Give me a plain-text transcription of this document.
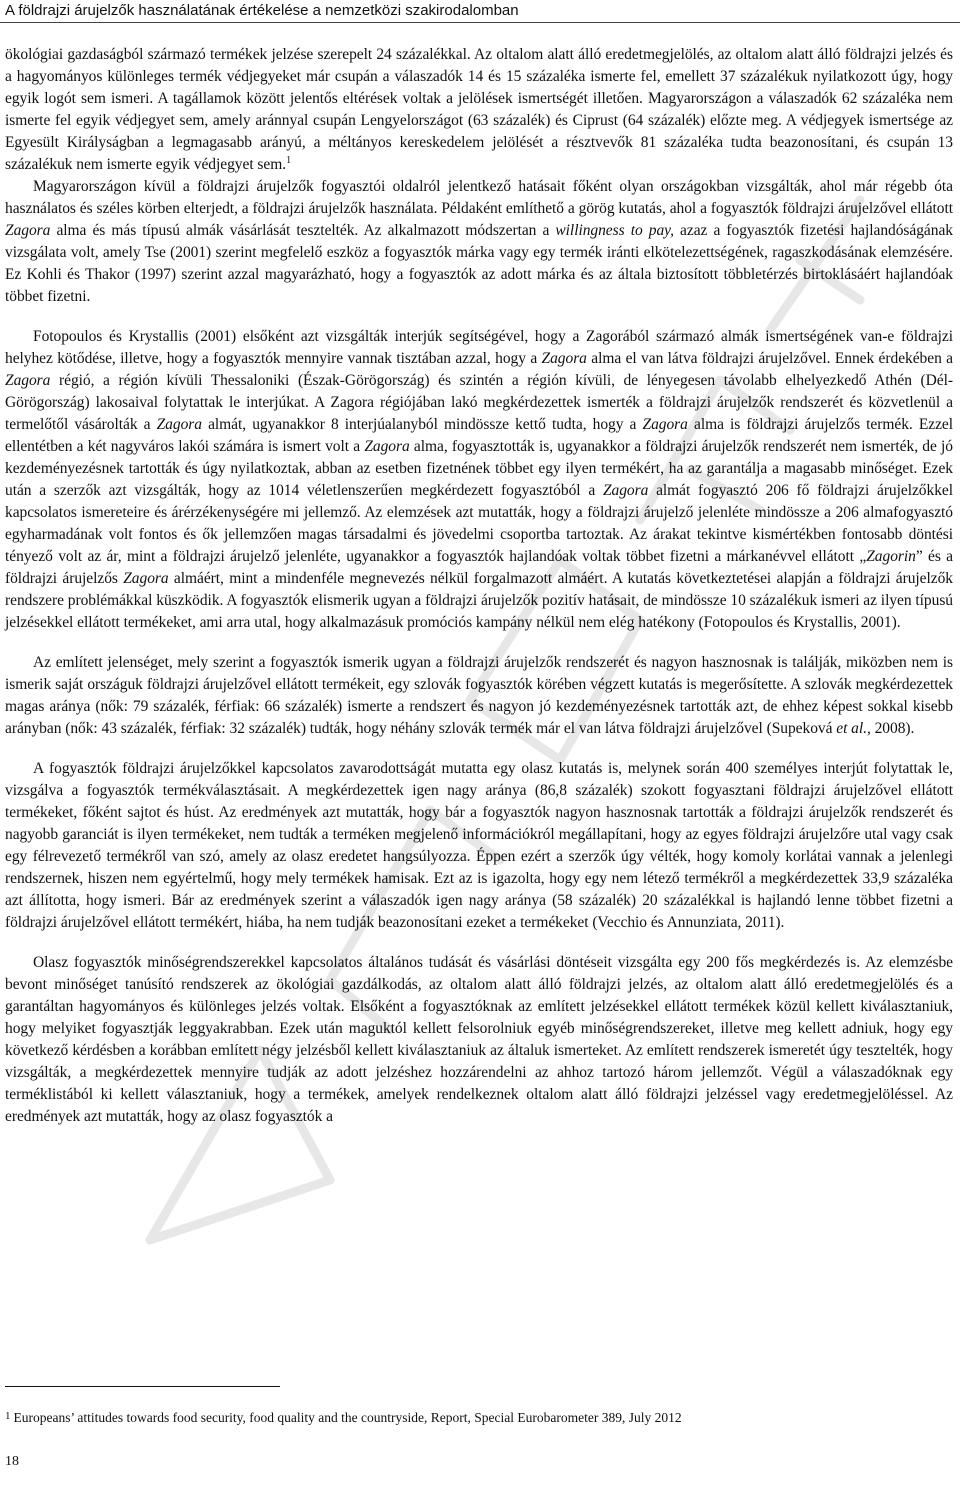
A földrajzi árujelzők használatának értékelése a nemzetközi szakirodalomban

ökológiai gazdaságból származó termékek jelzése szerepelt 24 százalékkal. Az oltalom alatt álló eredetmegjelölés, az oltalom alatt álló földrajzi jelzés és a hagyományos különleges termék védjegyeket már csupán a válaszadók 14 és 15 százaléka ismerte fel, emellett 37 százalékuk nyilatkozott úgy, hogy egyik logót sem ismeri. A tagállamok között jelentős eltérések voltak a jelölések ismertségét illetően. Magyarországon a válaszadók 62 százaléka nem ismerte fel egyik védjegyet sem, amely aránnyal csupán Lengyelországot (63 százalék) és Ciprust (64 százalék) előzte meg. A védjegyek ismertsége az Egyesült Királyságban a legmagasabb arányú, a méltányos kereskedelem jelölését a résztvevők 81 százaléka tudta beazonosítani, és csupán 13 százalékuk nem ismerte egyik védjegyet sem.$^1$

Magyarországon kívül a földrajzi árujelzők fogyasztói oldalról jelentkező hatásait főként olyan országokban vizsgálták, ahol már régebb óta használatos és széles körben elterjedt, a földrajzi árujelzők használata. Példaként említhető a görög kutatás, ahol a fogyasztók földrajzi árujelzővel ellátott Zagora alma és más típusú almák vásárlását tesztelték. Az alkalmazott módszertan a willingness to pay, azaz a fogyasztók fizetési hajlandóságának vizsgálata volt, amely Tse (2001) szerint megfelelő eszköz a fogyasztók márka vagy egy termék iránti elkötelezettségének, ragaszkodásának elemzésére. Ez Kohli és Thakor (1997) szerint azzal magyarázható, hogy a fogyasztók az adott márka és az általa biztosított többletérzés birtoklásáért hajlandóak többet fizetni.

Fotopoulos és Krystallis (2001) elsőként azt vizsgálták interjúk segítségével, hogy a Zagorából származó almák ismertségének van-e földrajzi helyhez kötődése, illetve, hogy a fogyasztók mennyire vannak tisztában azzal, hogy a Zagora alma el van látva földrajzi árujelzővel. Ennek érdekében a Zagora régió, a régión kívüli Thessaloniki (Észak-Görögország) és szintén a régión kívüli, de lényegesen távolabb elhelyezkedő Athén (Dél-Görögország) lakosaival folytattak le interjúkat. A Zagora régiójában lakó megkérdezettek ismerték a földrajzi árujelzők rendszerét és közvetlenül a termelőtől vásárolták a Zagora almát, ugyanakkor 8 interjúalanyból mindössze kettő tudta, hogy a Zagora alma is földrajzi árujelzős termék. Ezzel ellentétben a két nagyváros lakói számára is ismert volt a Zagora alma, fogyasztották is, ugyanakkor a földrajzi árujelzők rendszerét nem ismerték, de jó kezdeményezésnek tartották és úgy nyilatkoztak, abban az esetben fizetnének többet egy ilyen termékért, ha az garantálja a magasabb minőséget. Ezek után a szerzők azt vizsgálták, hogy az 1014 véletlenszerűen megkérdezett fogyasztóból a Zagora almát fogyasztó 206 fő földrajzi árujelzőkkel kapcsolatos ismereteire és árérzékenységére mi jellemző. Az elemzések azt mutatták, hogy a földrajzi árujelző jelenléte mindössze a 206 almafogyasztó egyharmadának volt fontos és ők jellemzően magas társadalmi és jövedelmi csoportba tartoztak. Az árakat tekintve kismértékben fontosabb döntési tényező volt az ár, mint a földrajzi árujelző jelenléte, ugyanakkor a fogyasztók hajlandóak voltak többet fizetni a márkanévvel ellátott „Zagorin” és a földrajzi árujelzős Zagora almáért, mint a mindenféle megnevezés nélkül forgalmazott almáért. A kutatás következtetései alapján a földrajzi árujelzők rendszere problémákkal küszködik. A fogyasztók elismerik ugyan a földrajzi árujelzők pozitív hatásait, de mindössze 10 százalékuk ismeri az ilyen típusú jelzésekkel ellátott termékeket, ami arra utal, hogy alkalmazásuk promóciós kampány nélkül nem elég hatékony (Fotopoulos és Krystallis, 2001).

Az említett jelenséget, mely szerint a fogyasztók ismerik ugyan a földrajzi árujelzők rendszerét és nagyon hasznosnak is találják, miközben nem is ismerik saját országuk földrajzi árujelzővel ellátott termékeit, egy szlovák fogyasztók körében végzett kutatás is megerősítette. A szlovák megkérdezettek magas aránya (nők: 79 százalék, férfiak: 66 százalék) ismerte a rendszert és nagyon jó kezdeményezésnek tartották azt, de ehhez képest sokkal kisebb arányban (nők: 43 százalék, férfiak: 32 százalék) tudták, hogy néhány szlovák termék már el van látva földrajzi árujelzővel (Supeková et al., 2008).

A fogyasztók földrajzi árujelzőkkel kapcsolatos zavarodottságát mutatta egy olasz kutatás is, melynek során 400 személyes interjút folytattak le, vizsgálva a fogyasztók termékválasztásait. A megkérdezettek igen nagy aránya (86,8 százalék) szokott fogyasztani földrajzi árujelzővel ellátott termékeket, főként sajtot és húst. Az eredmények azt mutatták, hogy bár a fogyasztók nagyon hasznosnak tartották a földrajzi árujelzők rendszerét és nagyobb garanciát is ilyen termékeket, nem tudták a terméken megjelenő információkról megállapítani, hogy az egyes földrajzi árujelzőre utal vagy csak egy félrevezető termékről van szó, amely az olasz eredetet hangsúlyozza. Éppen ezért a szerzők úgy vélték, hogy komoly korlátai vannak a jelenlegi rendszernek, hiszen nem egyértelmű, hogy mely termékek hamisak. Ezt az is igazolta, hogy egy nem létező termékről a megkérdezettek 33,9 százaléka azt állította, hogy ismeri. Bár az eredmények szerint a válaszadók igen nagy aránya (58 százalék) 20 százalékkal is hajlandó lenne többet fizetni a földrajzi árujelzővel ellátott termékért, hiába, ha nem tudják beazonosítani ezeket a termékeket (Vecchio és Annunziata, 2011).

Olasz fogyasztók minőségrendszerekkel kapcsolatos általános tudását és vásárlási döntéseit vizsgálta egy 200 fős megkérdezés is. Az elemzésbe bevont minőséget tanúsító rendszerek az ökológiai gazdálkodás, az oltalom alatt álló földrajzi jelzés, az oltalom alatt álló eredetmegjelölés és a garantáltan hagyományos és különleges jelzés voltak. Elsőként a fogyasztóknak az említett jelzésekkel ellátott termékek közül kellett kiválasztaniuk, hogy melyiket fogyasztják leggyakrabban. Ezek után maguktól kellett felsorolniuk egyéb minőségrendszereket, illetve meg kellett adniuk, hogy egy következő kérdésben a korábban említett négy jelzésből kellett kiválasztaniuk az általuk ismerteket. Az említett rendszerek ismeretét úgy tesztelték, hogy vizsgálták, a megkérdezettek mennyire tudják az adott jelzéshez hozzárendelni az ahhoz tartozó három jellemzőt. Végül a válaszadóknak egy terméklistából ki kellett választaniuk, hogy a termékek, amelyek rendelkeznek oltalom alatt álló földrajzi jelzéssel vagy eredetmegjelöléssel. Az eredmények azt mutatták, hogy az olasz fogyasztók a

$^1$ Europeans’ attitudes towards food security, food quality and the countryside, Report, Special Eurobarometer 389, July 2012
18
